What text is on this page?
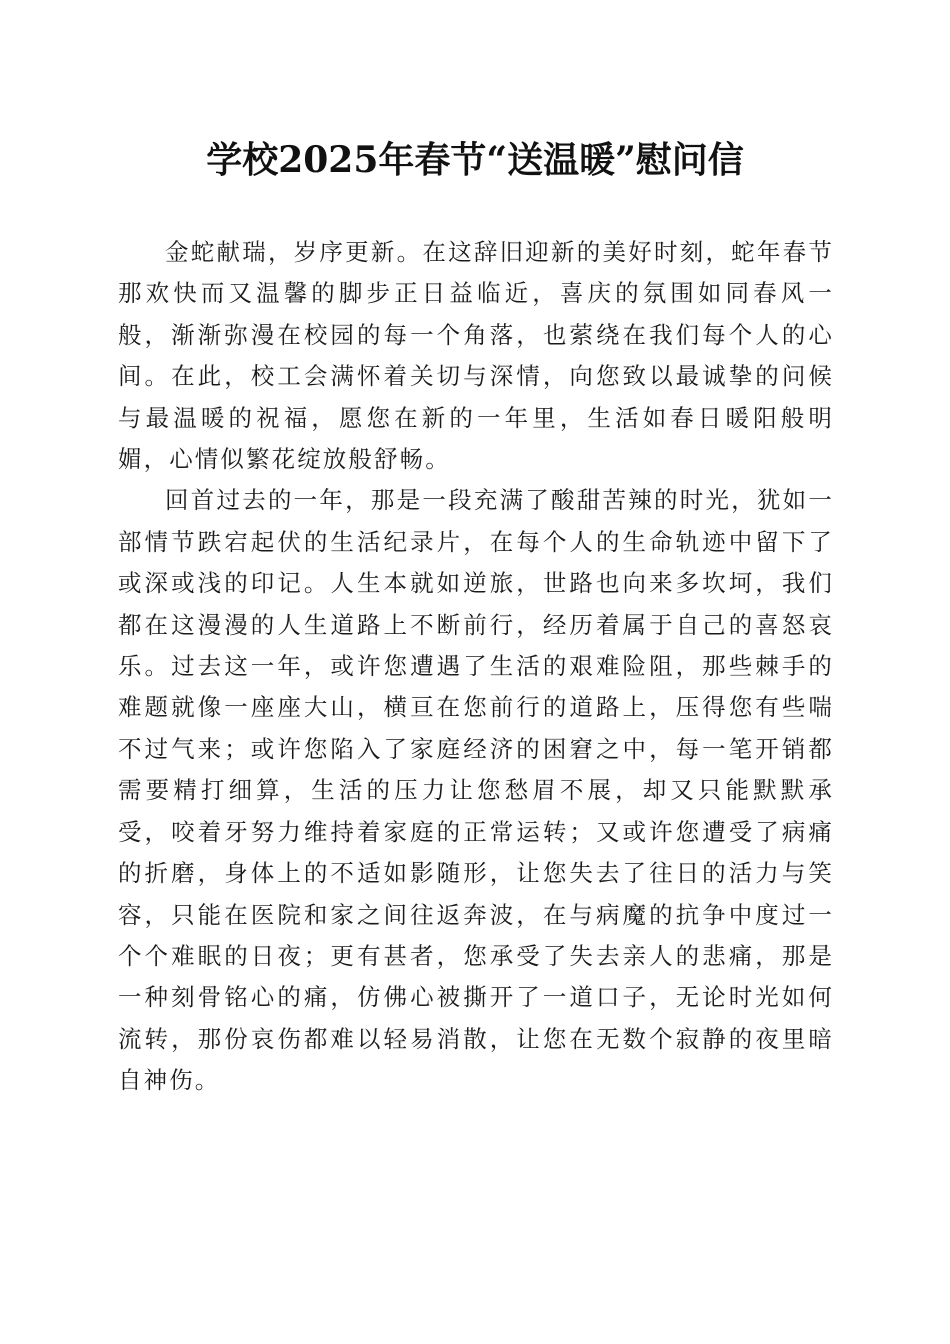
学校2025年春节“送温暖”慰问信

金蛇献瑞，岁序更新。在这辞旧迎新的美好时刻，蛇年春节那欢快而又温馨的脚步正日益临近，喜庆的氛围如同春风一般，渐渐弥漫在校园的每一个角落，也萦绕在我们每个人的心间。在此，校工会满怀着关切与深情，向您致以最诚挚的问候与最温暖的祝福，愿您在新的一年里，生活如春日暖阳般明媚，心情似繁花绽放般舒畅。

回首过去的一年，那是一段充满了酸甜苦辣的时光，犹如一部情节跌宕起伏的生活纪录片，在每个人的生命轨迹中留下了或深或浅的印记。人生本就如逆旅，世路也向来多坎坷，我们都在这漫漫的人生道路上不断前行，经历着属于自己的喜怒哀乐。过去这一年，或许您遭遇了生活的艰难险阻，那些棘手的难题就像一座座大山，横亘在您前行的道路上，压得您有些喘不过气来；或许您陷入了家庭经济的困窘之中，每一笔开销都需要精打细算，生活的压力让您愁眉不展，却又只能默默承受，咬着牙努力维持着家庭的正常运转；又或许您遭受了病痛的折磨，身体上的不适如影随形，让您失去了往日的活力与笑容，只能在医院和家之间往返奔波，在与病魔的抗争中度过一个个难眠的日夜；更有甚者，您承受了失去亲人的悲痛，那是一种刻骨铭心的痛，仿佛心被撕开了一道口子，无论时光如何流转，那份哀伤都难以轻易消散，让您在无数个寂静的夜里暗自神伤。
